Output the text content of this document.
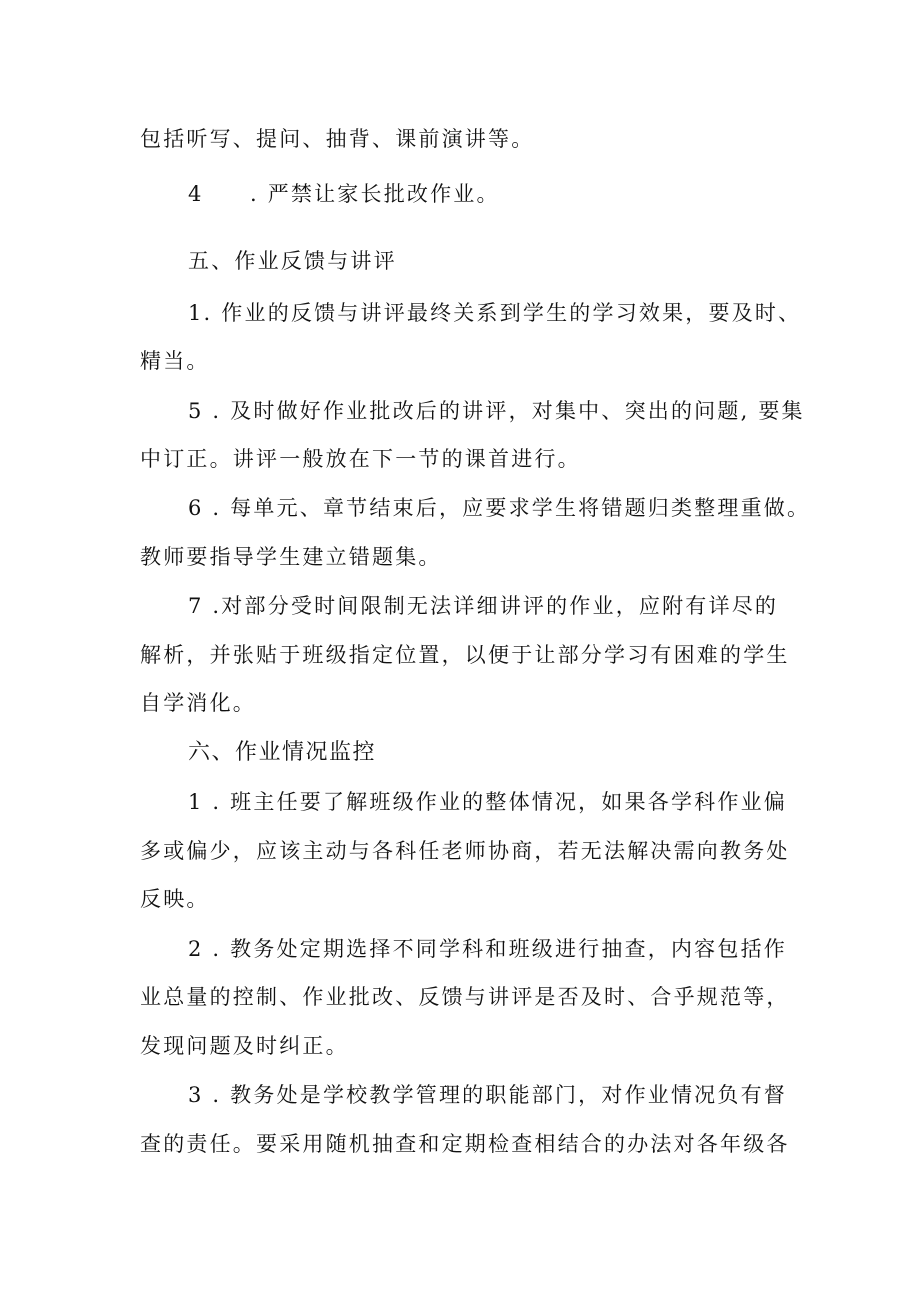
包括听写、提问、抽背、课前演讲等。
4　　. 严禁让家长批改作业。
五、作业反馈与讲评
1. 作业的反馈与讲评最终关系到学生的学习效果，要及时、
精当。
5 . 及时做好作业批改后的讲评，对集中、突出的问题, 要集
中订正。讲评一般放在下一节的课首进行。
6 . 每单元、章节结束后，应要求学生将错题归类整理重做。
教师要指导学生建立错题集。
7 .对部分受时间限制无法详细讲评的作业，应附有详尽的
解析，并张贴于班级指定位置，以便于让部分学习有困难的学生
自学消化。
六、作业情况监控
1 . 班主任要了解班级作业的整体情况，如果各学科作业偏
多或偏少，应该主动与各科任老师协商，若无法解决需向教务处
反映。
2 . 教务处定期选择不同学科和班级进行抽查，内容包括作
业总量的控制、作业批改、反馈与讲评是否及时、合乎规范等，
发现问题及时纠正。
3 . 教务处是学校教学管理的职能部门，对作业情况负有督
查的责任。要采用随机抽查和定期检查相结合的办法对各年级各
